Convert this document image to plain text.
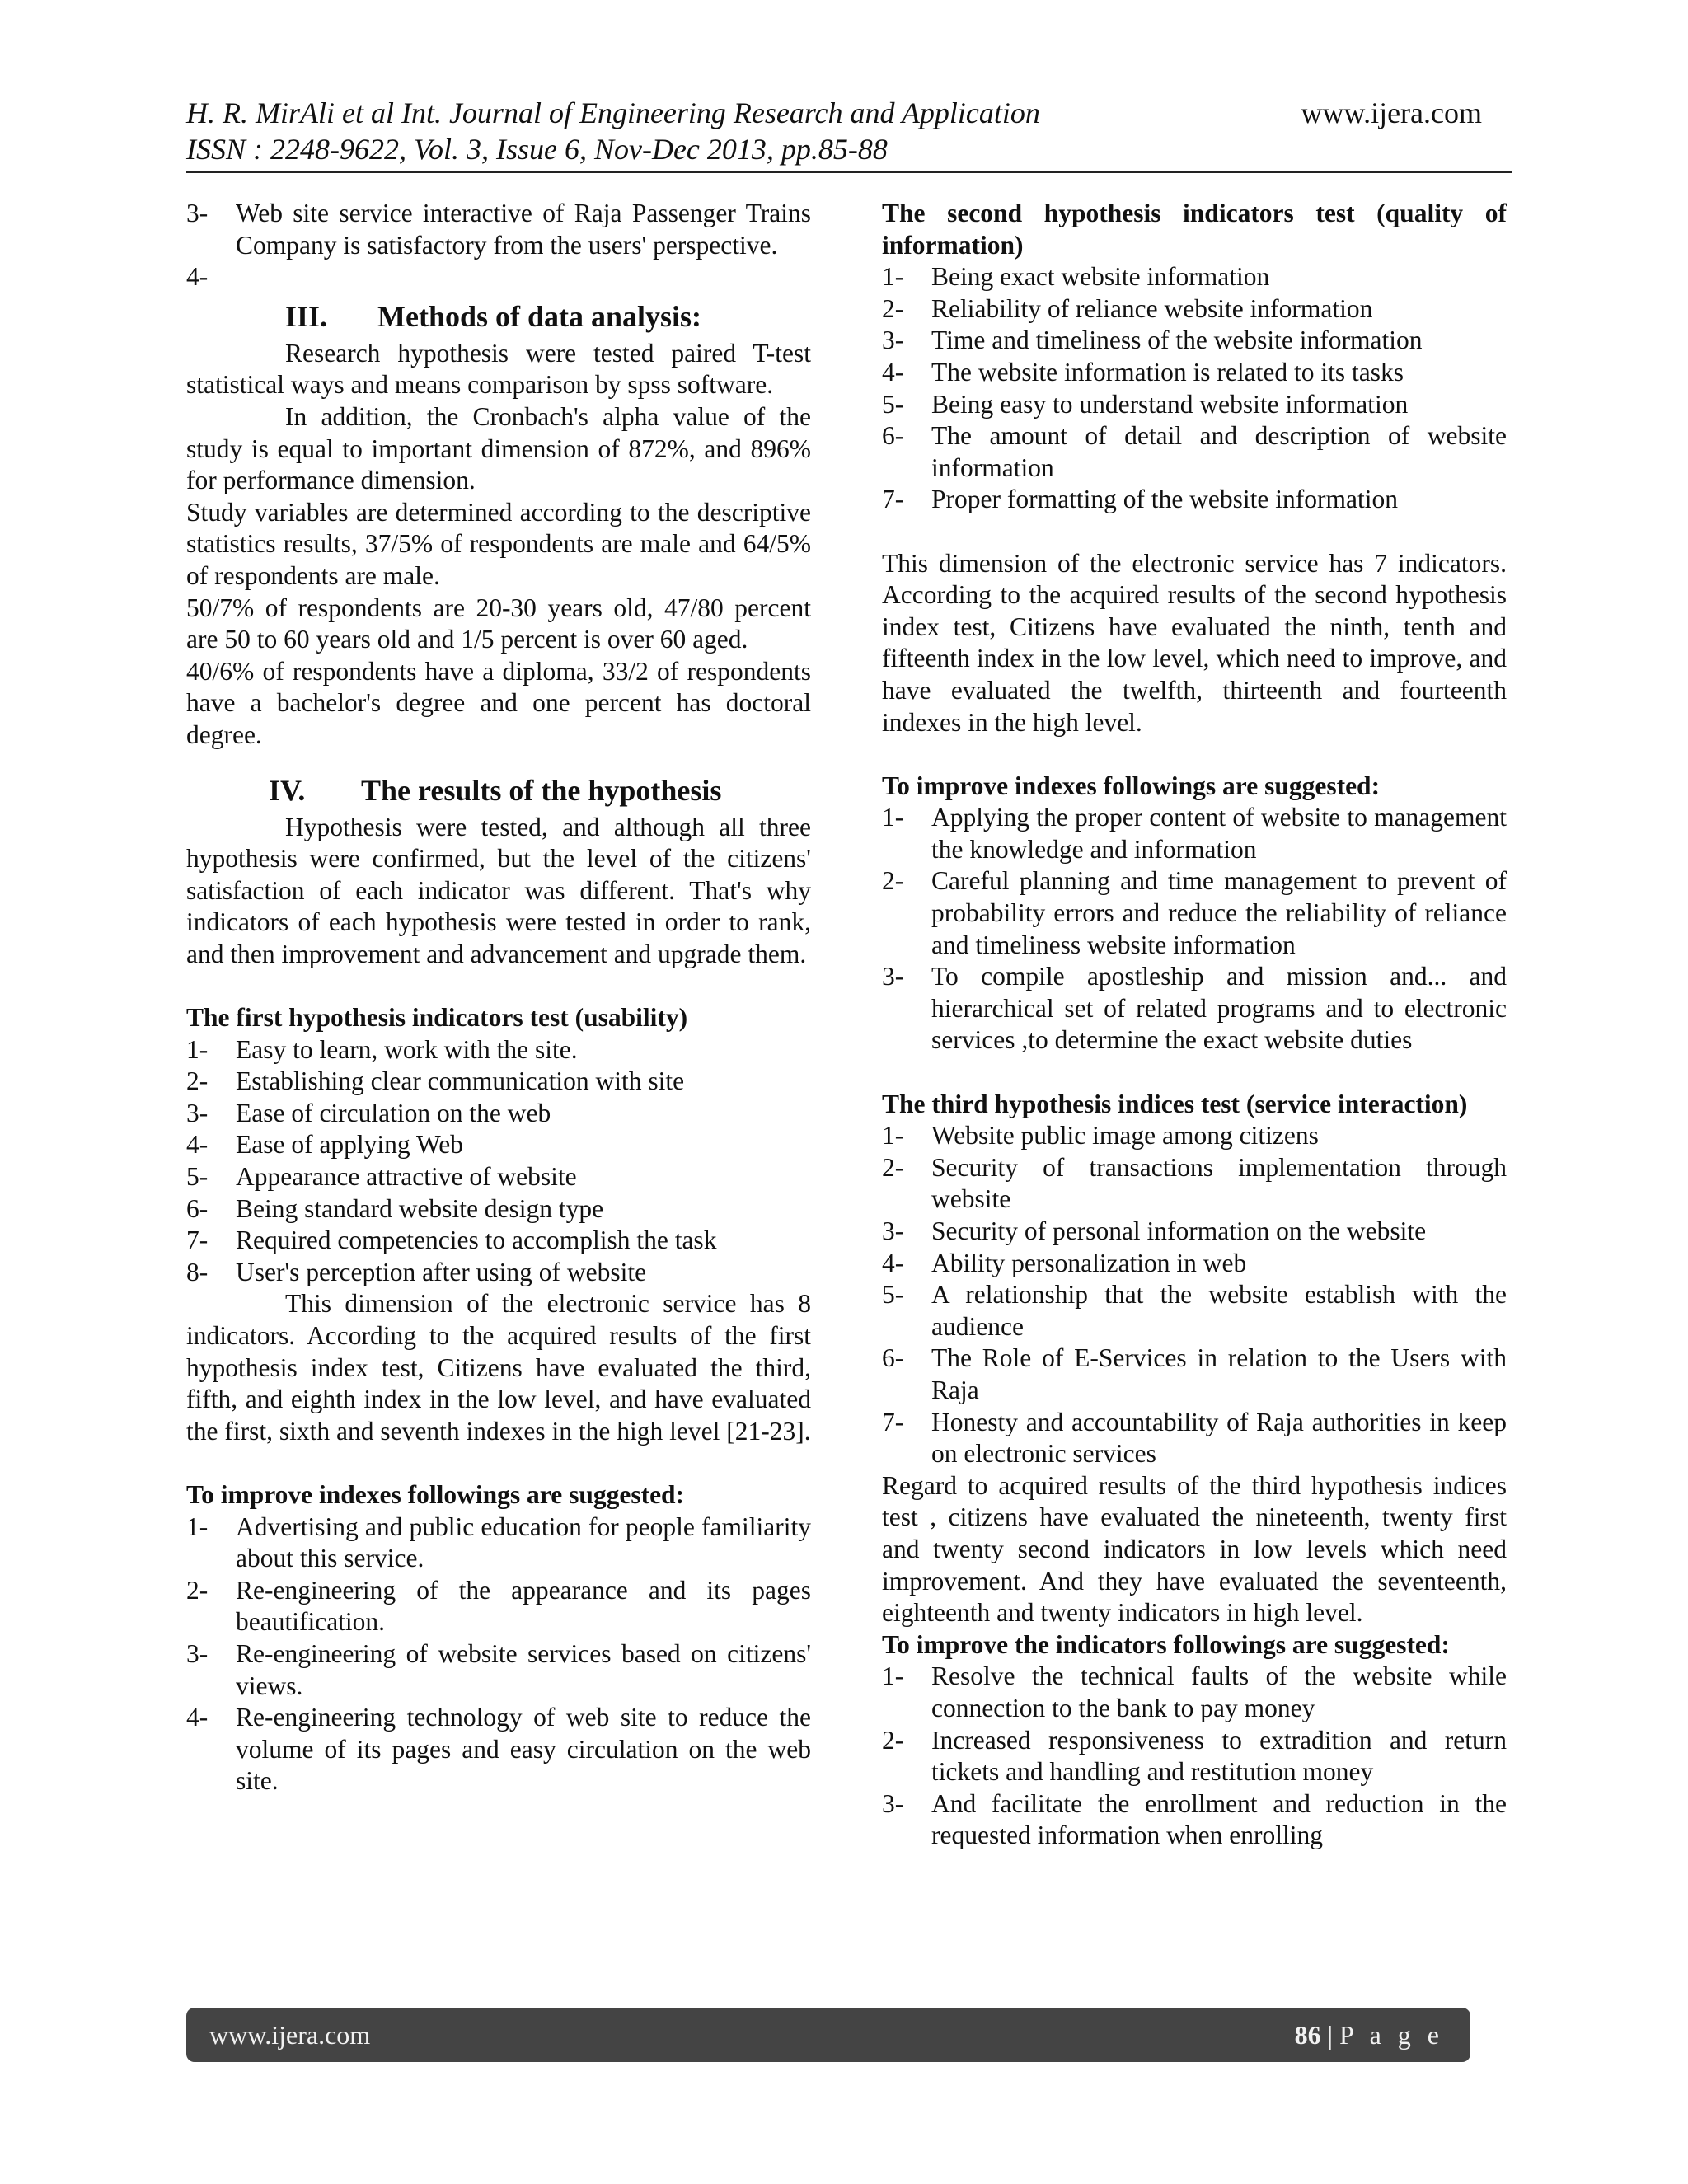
H. R. MirAli et al Int. Journal of Engineering Research and Application
ISSN : 2248-9622, Vol. 3, Issue 6, Nov-Dec 2013, pp.85-88
www.ijera.com
3-	Web site service interactive of Raja Passenger Trains Company is satisfactory from the users' perspective.
4-
III.	Methods of data analysis:

Research hypothesis were tested paired T-test statistical ways and means comparison by spss software.

In addition, the Cronbach's alpha value of the study is equal to important dimension of 872%, and 896% for performance dimension.

Study variables are determined according to the descriptive statistics results, 37/5% of respondents are male and 64/5% of respondents are male.

50/7% of respondents are 20-30 years old, 47/80 percent are 50 to 60 years old and 1/5 percent is over 60 aged.

40/6% of respondents have a diploma, 33/2 of respondents have a bachelor's degree and one percent has doctoral degree.

IV.	The results of the hypothesis

Hypothesis were tested, and although all three hypothesis were confirmed, but the level of the citizens' satisfaction of each indicator was different. That's why indicators of each hypothesis were tested in order to rank, and then improvement and advancement and upgrade them.

The first hypothesis indicators test (usability)

1-	Easy to learn, work with the site.
2-	Establishing clear communication with site
3-	Ease of circulation on the web
4-	Ease of applying Web
5-	Appearance attractive of website
6-	Being standard website design type
7-	Required competencies to accomplish the task
8-	User's perception after using of website

This dimension of the electronic service has 8 indicators. According to the acquired results of the first hypothesis index test, Citizens have evaluated the third, fifth, and eighth index in the low level, and have evaluated the first, sixth and seventh indexes in the high level [21-23].

To improve indexes followings are suggested:

1-	Advertising and public education for people familiarity about this service.
2-	Re-engineering of the appearance and its pages beautification.
3-	Re-engineering of website services based on citizens' views.
4-	Re-engineering technology of web site to reduce the volume of its pages and easy circulation on the web site.

The second hypothesis indicators test (quality of information)

1-	Being exact website information
2-	Reliability of reliance website information
3-	Time and timeliness of the website information
4-	The website information is related to its tasks
5-	Being easy to understand website information
6-	The amount of detail and description of website information
7-	Proper formatting of the website information

This dimension of the electronic service has 7 indicators. According to the acquired results of the second hypothesis index test, Citizens have evaluated the ninth, tenth and fifteenth index in the low level, which need to improve, and have evaluated the twelfth, thirteenth and fourteenth indexes in the high level.

To improve indexes followings are suggested:

1-	Applying the proper content of website to management the knowledge and information
2-	Careful planning and time management to prevent of probability errors and reduce the reliability of reliance and timeliness website information
3-	To compile apostleship and mission and... and hierarchical set of related programs and to electronic services ,to determine the exact website duties

The third hypothesis indices test (service interaction)

1-	Website public image among citizens
2-	Security of transactions implementation through website
3-	Security of personal information on the website
4-	Ability personalization in web
5-	A relationship that the website establish with the audience
6-	The Role of E-Services in relation to the Users with Raja
7-	Honesty and accountability of Raja authorities in keep on electronic services

Regard to acquired results of the third hypothesis indices test , citizens have evaluated the nineteenth, twenty first and twenty second indicators in low levels which need improvement. And they have evaluated the seventeenth, eighteenth and twenty indicators in high level.

To improve the indicators followings are suggested:

1-	Resolve the technical faults of the website while connection to the bank to pay money
2-	Increased responsiveness to extradition and return tickets and handling and restitution money
3-	And facilitate the enrollment and reduction in the requested information when enrolling
www.ijera.com	86 | P a g e
